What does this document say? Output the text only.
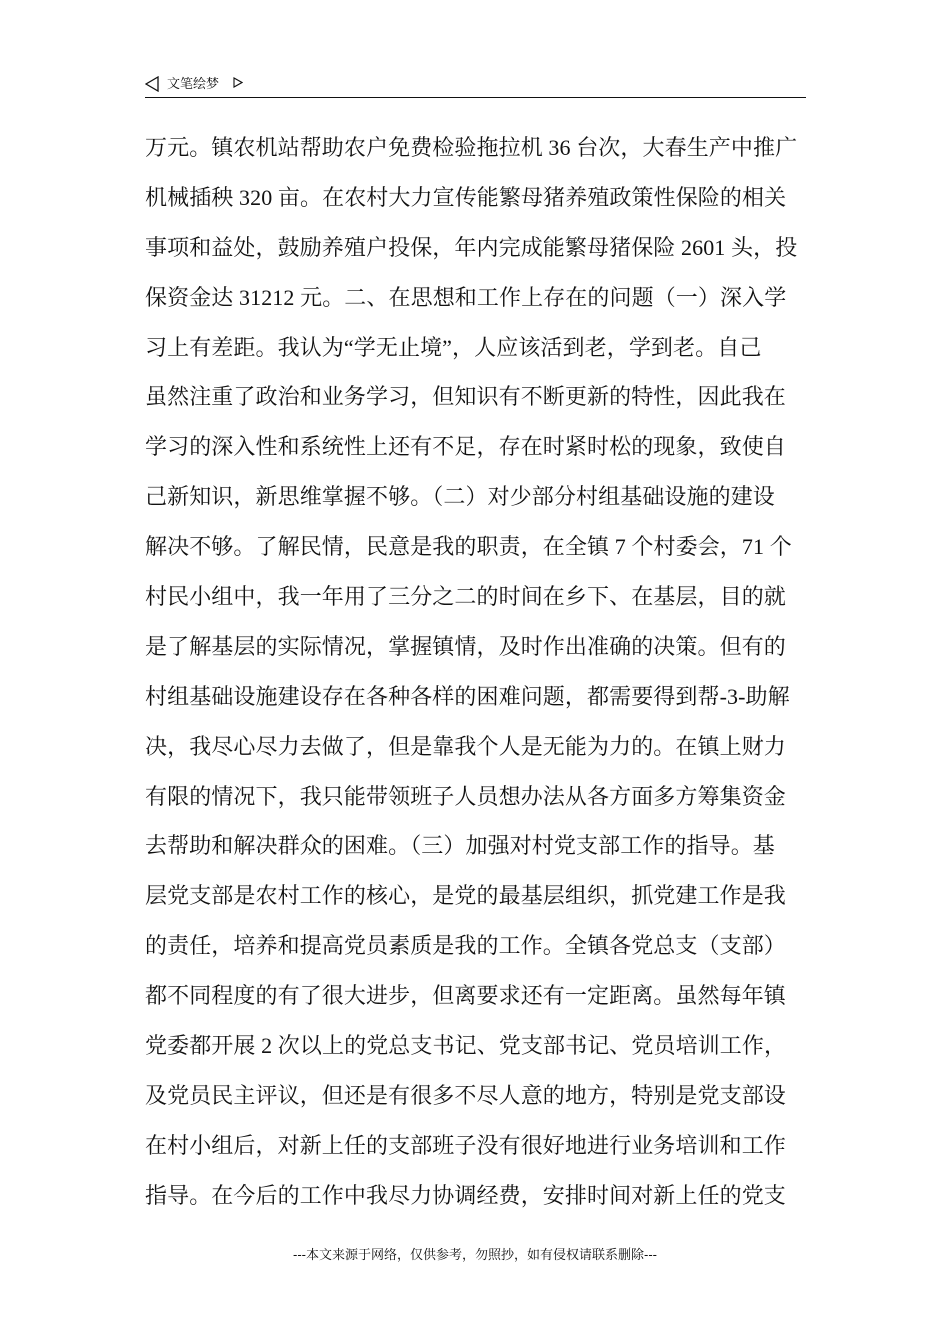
文笔绘梦
万元。镇农机站帮助农户免费检验拖拉机 36 台次，大春生产中推广
机械插秧 320 亩。在农村大力宣传能繁母猪养殖政策性保险的相关
事项和益处，鼓励养殖户投保，年内完成能繁母猪保险 2601 头，投
保资金达 31212 元。二、在思想和工作上存在的问题（一）深入学
习上有差距。我认为“学无止境”，人应该活到老，学到老。自己
虽然注重了政治和业务学习，但知识有不断更新的特性，因此我在
学习的深入性和系统性上还有不足，存在时紧时松的现象，致使自
己新知识，新思维掌握不够。（二）对少部分村组基础设施的建设
解决不够。了解民情，民意是我的职责，在全镇 7 个村委会，71 个
村民小组中，我一年用了三分之二的时间在乡下、在基层，目的就
是了解基层的实际情况，掌握镇情，及时作出准确的决策。但有的
村组基础设施建设存在各种各样的困难问题，都需要得到帮-3-助解
决，我尽心尽力去做了，但是靠我个人是无能为力的。在镇上财力
有限的情况下，我只能带领班子人员想办法从各方面多方筹集资金
去帮助和解决群众的困难。（三）加强对村党支部工作的指导。基
层党支部是农村工作的核心，是党的最基层组织，抓党建工作是我
的责任，培养和提高党员素质是我的工作。全镇各党总支（支部）
都不同程度的有了很大进步，但离要求还有一定距离。虽然每年镇
党委都开展 2 次以上的党总支书记、党支部书记、党员培训工作，
及党员民主评议，但还是有很多不尽人意的地方，特别是党支部设
在村小组后，对新上任的支部班子没有很好地进行业务培训和工作
指导。在今后的工作中我尽力协调经费，安排时间对新上任的党支
---本文来源于网络，仅供参考，勿照抄，如有侵权请联系删除---
